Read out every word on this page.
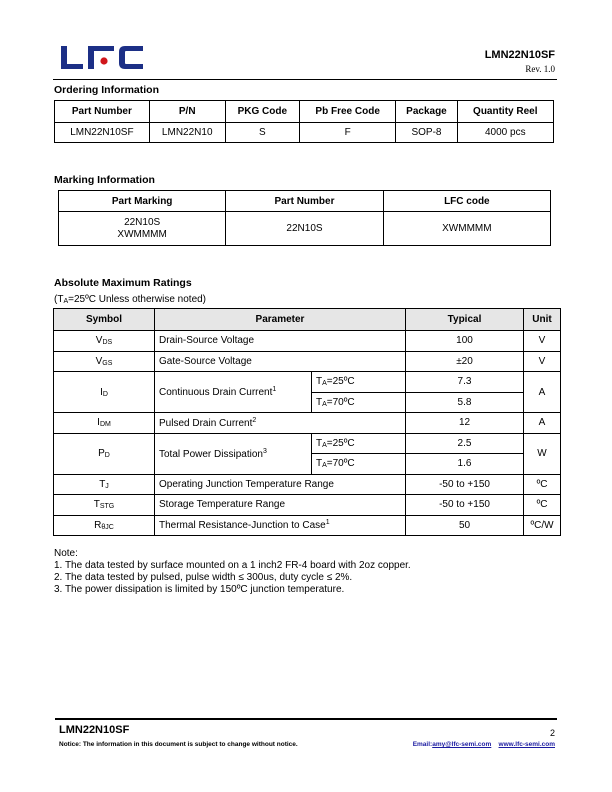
LMN22N10SF
Rev. 1.0
Ordering Information
Part Number	P/N	PKG Code	Pb Free Code	Package	Quantity Reel
LMN22N10SF	LMN22N10	S	F	SOP-8	4000 pcs
Marking Information
Part Marking	Part Number	LFC code

22N10S
XWMMMM	22N10S	XWMMMM
Absolute Maximum Ratings
($T_A=25ºC$ Unless otherwise noted)
Symbol	Parameter		Typical	Unit
$V_{DS}$	Drain-Source Voltage		100	V
$V_{GS}$	Gate-Source Voltage		±20	V
$I_D$	Continuous Drain Current$^1$	$T_A=25ºC$	7.3	A
		$T_A=70ºC$	5.8	
$I_{DM}$	Pulsed Drain Current$^2$		12	A
$P_D$	Total Power Dissipation$^3$	$T_A=25ºC$	2.5	W
		$T_A=70ºC$	1.6	
$T_J$	Operating Junction Temperature Range		-50 to +150	ºC
$T_{STG}$	Storage Temperature Range		-50 to +150	ºC
$R_{\theta JC}$	Thermal Resistance-Junction to Case$^1$		50	ºC/W
Note:
1. The data tested by surface mounted on a 1 inch2 FR-4 board with 2oz copper.
2. The data tested by pulsed, pulse width ≤ 300us, duty cycle ≤ 2%.
3. The power dissipation is limited by 150ºC junction temperature.
LMN22N10SF	2
Notice: The information in this document is subject to change without notice.	Email:amy@lfc-semi.com www.lfc-semi.com
